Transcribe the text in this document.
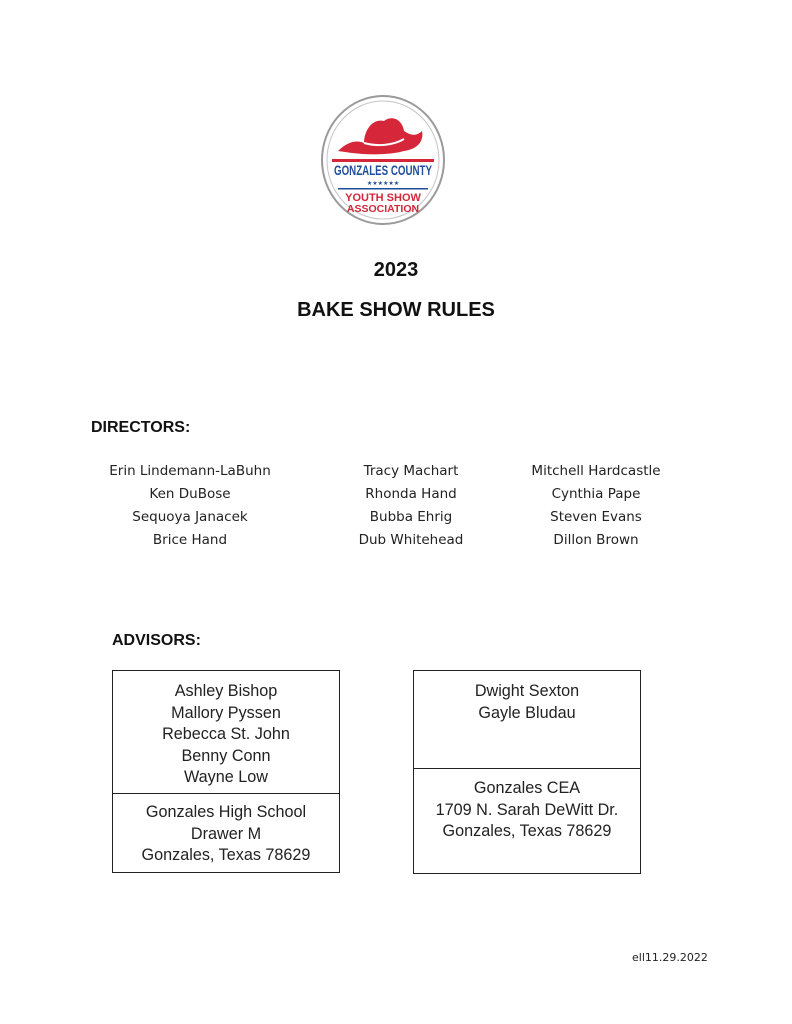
GONZALES COUNTY
★★★★★★
YOUTH SHOW
ASSOCIATION
2023
BAKE SHOW RULES
DIRECTORS:
Erin Lindemann-LaBuhn
Ken DuBose
Sequoya Janacek
Brice Hand
Tracy Machart
Rhonda Hand
Bubba Ehrig
Dub Whitehead
Mitchell Hardcastle
Cynthia Pape
Steven Evans
Dillon Brown
ADVISORS:
Ashley Bishop
Mallory Pyssen
Rebecca St. John
Benny Conn
Wayne Low
Gonzales High School
Drawer M
Gonzales, Texas 78629
Dwight Sexton
Gayle Bludau
Gonzales CEA
1709 N. Sarah DeWitt Dr.
Gonzales, Texas 78629
ell11.29.2022
